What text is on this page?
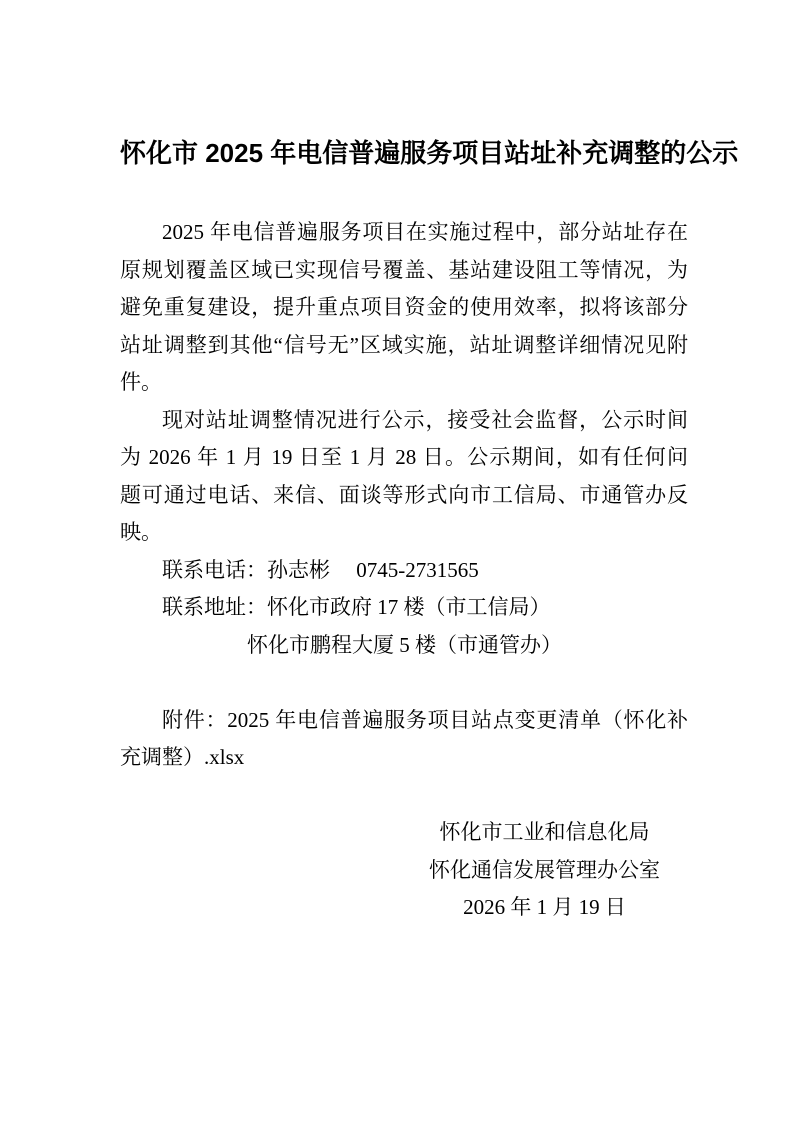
怀化市 2025 年电信普遍服务项目站址补充调整的公示
2025 年电信普遍服务项目在实施过程中，部分站址存在
原规划覆盖区域已实现信号覆盖、基站建设阻工等情况，为
避免重复建设，提升重点项目资金的使用效率，拟将该部分
站址调整到其他“信号无”区域实施，站址调整详细情况见附
件。
现对站址调整情况进行公示，接受社会监督，公示时间
为 2026 年 1 月 19 日至 1 月 28 日。公示期间，如有任何问
题可通过电话、来信、面谈等形式向市工信局、市通管办反
映。
联系电话：孙志彬　 0745-2731565
联系地址：怀化市政府 17 楼（市工信局）
怀化市鹏程大厦 5 楼（市通管办）
附件：2025 年电信普遍服务项目站点变更清单（怀化补
充调整）.xlsx
怀化市工业和信息化局
怀化通信发展管理办公室
2026 年 1 月 19 日
